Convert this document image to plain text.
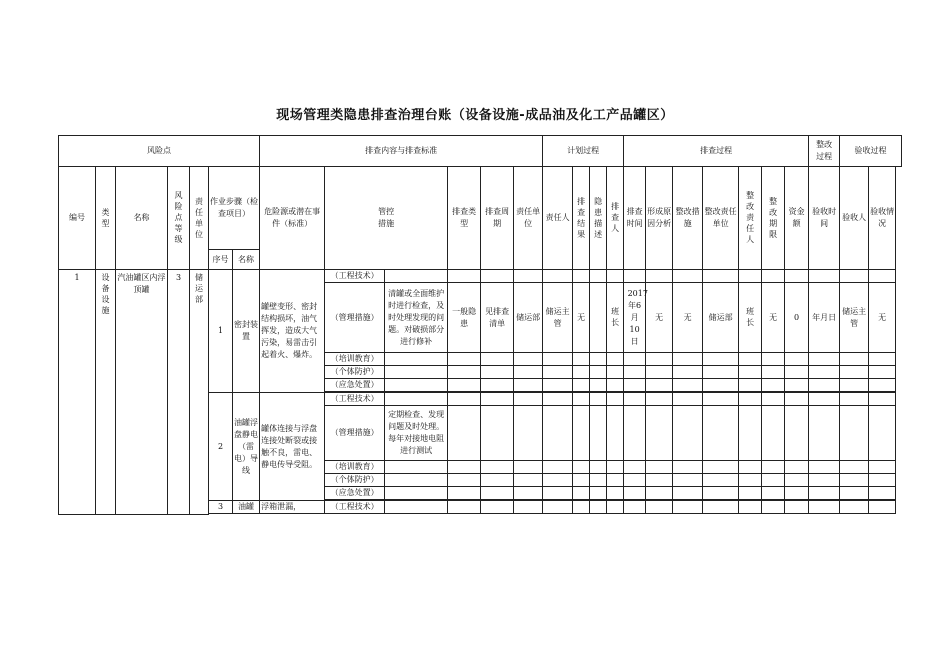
现场管理类隐患排查治理台账（设备设施-成品油及化工产品罐区）
风险点							排查内容与排查标准						计划过程				排查过程							整改过程	验收过程	
编号	类型	名称	风险点等级	责任单位	作业步骤（检查项目）		危险源或潜在事件（标准）	管控措施		排查类型	排查周期	责任单位	责任人	排查结果	隐患描述	排查人	排查时间	形成原因分析	整改措施	整改责任单位	整改责任人	整改期限	资金额	验收时间	验收人	验收情况
					序号	名称																				
1	设备设施	汽油罐区内浮顶罐	3	储运部	1	密封装置	罐壁变形、密封结构损坏，油气挥发，造成大气污染，易雷击引起着火、爆炸。	（工程技术）																		
								（管理措施）	清罐或全面维护时进行检查，及时处理发现的问题。对破损部分进行修补	一般隐患	见排查清单	储运部	储运主管	无		班长	2017年6月10日	无	无	储运部	班长	无	0	年月日	储运主管	无
								（培训教育）																		
								（个体防护）																		
								（应急处置）																		

					2	油罐浮盘静电（雷电）导线	罐体连接与浮盘连接处断裂或接触不良，雷电、静电传导受阻。	（工程技术）																		
								（管理措施）	定期检查、发现问题及时处理。每年对接地电阻进行测试																	
								（培训教育）																		
								（个体防护）																		
								（应急处置）																		

					3	油罐	浮箱泄漏，	（工程技术）																		
